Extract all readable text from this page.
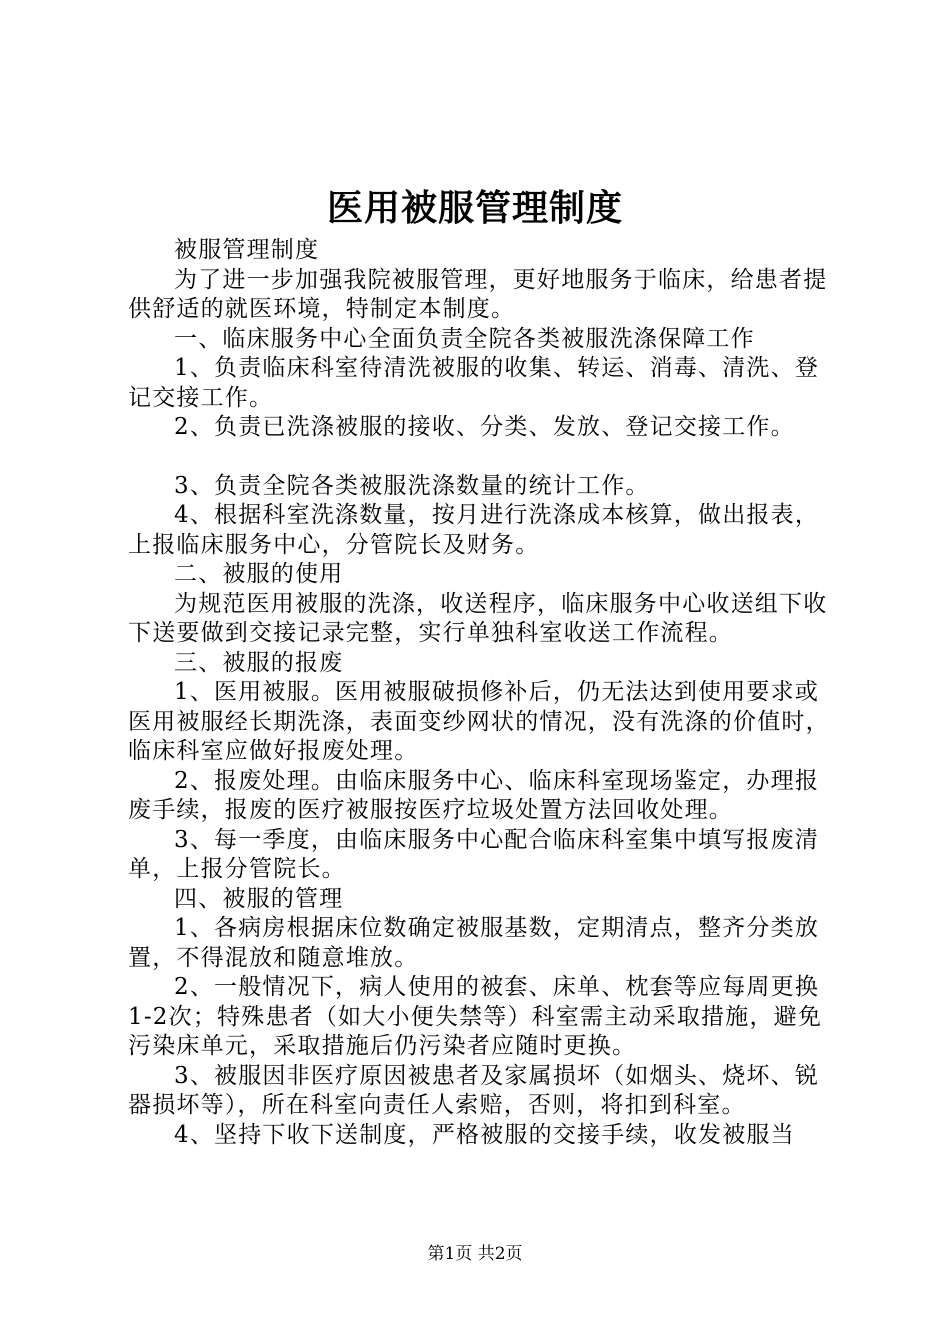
医用被服管理制度

被服管理制度

为了进一步加强我院被服管理，更好地服务于临床，给患者提供舒适的就医环境，特制定本制度。

一、临床服务中心全面负责全院各类被服洗涤保障工作

1、负责临床科室待清洗被服的收集、转运、消毒、清洗、登记交接工作。

2、负责已洗涤被服的接收、分类、发放、登记交接工作。

3、负责全院各类被服洗涤数量的统计工作。

4、根据科室洗涤数量，按月进行洗涤成本核算，做出报表，上报临床服务中心，分管院长及财务。

二、被服的使用

为规范医用被服的洗涤，收送程序，临床服务中心收送组下收下送要做到交接记录完整，实行单独科室收送工作流程。

三、被服的报废

1、医用被服。医用被服破损修补后，仍无法达到使用要求或医用被服经长期洗涤，表面变纱网状的情况，没有洗涤的价值时，临床科室应做好报废处理。

2、报废处理。由临床服务中心、临床科室现场鉴定，办理报废手续，报废的医疗被服按医疗垃圾处置方法回收处理。

3、每一季度，由临床服务中心配合临床科室集中填写报废清单，上报分管院长。

四、被服的管理

1、各病房根据床位数确定被服基数，定期清点，整齐分类放置，不得混放和随意堆放。

2、一般情况下，病人使用的被套、床单、枕套等应每周更换1-2次；特殊患者（如大小便失禁等）科室需主动采取措施，避免污染床单元，采取措施后仍污染者应随时更换。

3、被服因非医疗原因被患者及家属损坏（如烟头、烧坏、锐器损坏等），所在科室向责任人索赔，否则，将扣到科室。

4、坚持下收下送制度，严格被服的交接手续，收发被服当

第1页 共2页
